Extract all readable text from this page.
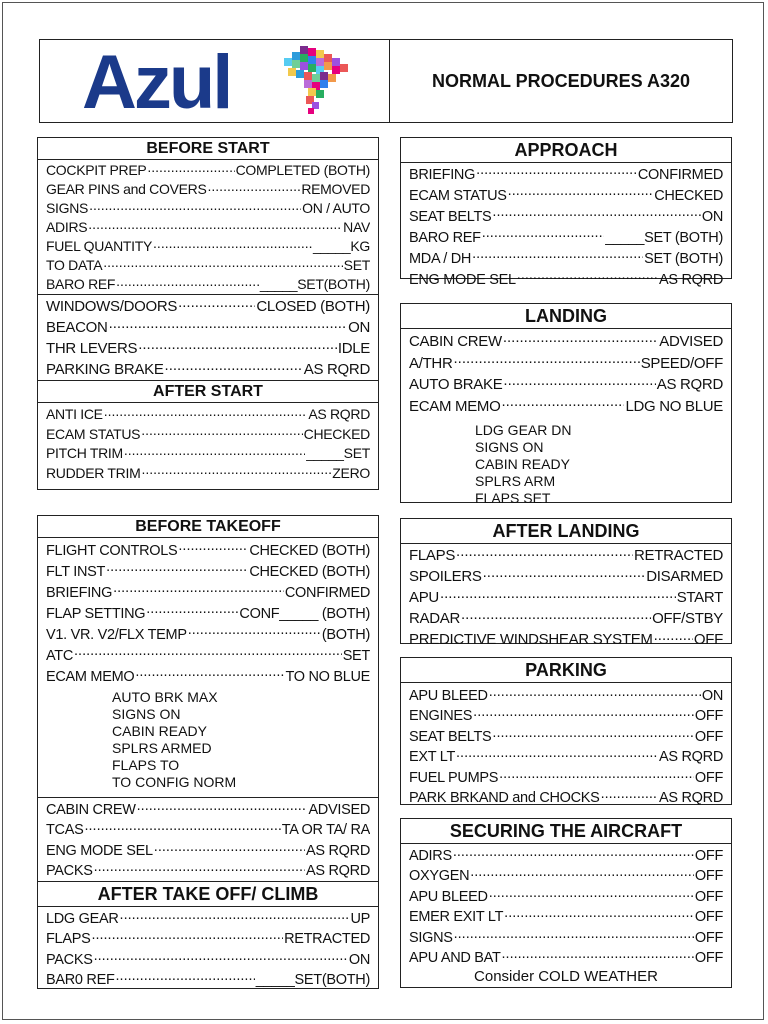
Azul	NORMAL PROCEDURES A320
BEFORE START
COCKPIT PREP .....	COMPLETED (BOTH)
GEAR PINS and COVERS .....	REMOVED
SIGNS .....	ON / AUTO
ADIRS .....	NAV
FUEL QUANTITY .....	_____KG
TO DATA .....	SET
BARO REF .....	_____SET(BOTH)
WINDOWS/DOORS .....	CLOSED (BOTH)
BEACON .....	ON
THR LEVERS .....	IDLE
PARKING BRAKE .....	AS RQRD
AFTER START
ANTI ICE .....	AS RQRD
ECAM STATUS .....	CHECKED
PITCH TRIM .....	_____SET
RUDDER TRIM .....	ZERO
BEFORE TAKEOFF
FLIGHT CONTROLS .....	CHECKED (BOTH)
FLT INST .....	CHECKED (BOTH)
BRIEFING .....	CONFIRMED
FLAP SETTING .....	CONF_____ (BOTH)
V1. VR. V2/FLX TEMP .....	(BOTH)
ATC .....	SET
ECAM MEMO .....	TO NO BLUE
AUTO BRK MAX
SIGNS ON
CABIN READY
SPLRS ARMED
FLAPS TO
TO CONFIG NORM
CABIN CREW .....	ADVISED
TCAS .....	TA OR TA/ RA
ENG MODE SEL .....	AS RQRD
PACKS .....	AS RQRD
AFTER TAKE OFF/ CLIMB
LDG GEAR .....	UP
FLAPS .....	RETRACTED
PACKS .....	ON
BAR0 REF .....	_____SET(BOTH)
APPROACH
BRIEFING .....	CONFIRMED
ECAM STATUS .....	CHECKED
SEAT BELTS .....	ON
BARO REF .....	_____SET (BOTH)
MDA / DH .....	SET (BOTH)
ENG MODE SEL .....	AS RQRD
LANDING
CABIN CREW .....	ADVISED
A/THR .....	SPEED/OFF
AUTO BRAKE .....	AS RQRD
ECAM MEMO .....	LDG NO BLUE
LDG GEAR DN
SIGNS ON
CABIN READY
SPLRS ARM
FLAPS SET
AFTER LANDING
FLAPS .....	RETRACTED
SPOILERS .....	DISARMED
APU .....	START
RADAR .....	OFF/STBY
PREDICTIVE WINDSHEAR SYSTEM .....	OFF
PARKING
APU BLEED .....	ON
ENGINES .....	OFF
SEAT BELTS .....	OFF
EXT LT .....	AS RQRD
FUEL PUMPS .....	OFF
PARK BRKAND and CHOCKS .....	AS RQRD
SECURING THE AIRCRAFT
ADIRS .....	OFF
OXYGEN .....	OFF
APU BLEED .....	OFF
EMER EXIT LT .....	OFF
SIGNS .....	OFF
APU AND BAT .....	OFF
Consider COLD WEATHER
